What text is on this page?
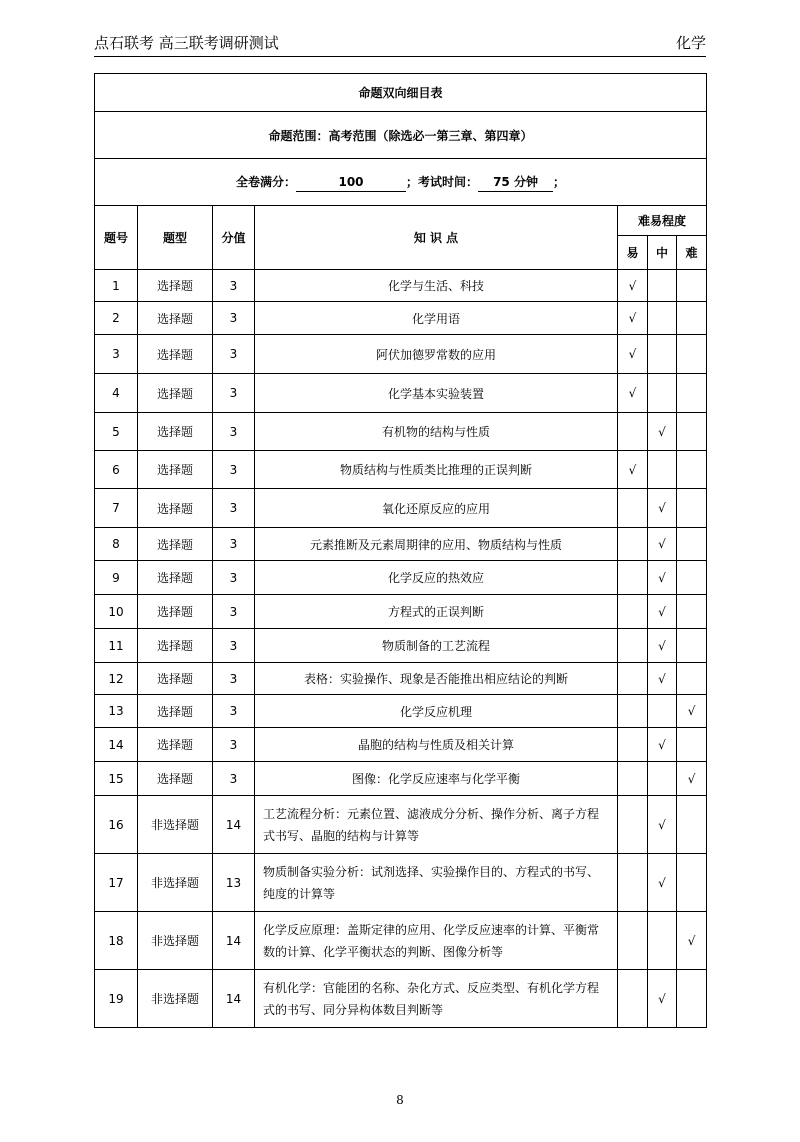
点石联考 高三联考调研测试	化学
命题双向细目表						
命题范围：高考范围（除选必一第三章、第四章）						
全卷满分： 100 ；考试时间： 75 分钟 ；						
题号	题型	分值	知 识 点	难易程度		
				易	中	难
1	选择题	3	化学与生活、科技	√		
2	选择题	3	化学用语	√		
3	选择题	3	阿伏加德罗常数的应用	√		
4	选择题	3	化学基本实验装置	√		
5	选择题	3	有机物的结构与性质		√	
6	选择题	3	物质结构与性质类比推理的正误判断	√		
7	选择题	3	氧化还原反应的应用		√	
8	选择题	3	元素推断及元素周期律的应用、物质结构与性质		√	
9	选择题	3	化学反应的热效应		√	
10	选择题	3	方程式的正误判断		√	
11	选择题	3	物质制备的工艺流程		√	
12	选择题	3	表格：实验操作、现象是否能推出相应结论的判断		√	
13	选择题	3	化学反应机理			√
14	选择题	3	晶胞的结构与性质及相关计算		√	
15	选择题	3	图像：化学反应速率与化学平衡			√
16	非选择题	14	工艺流程分析：元素位置、滤液成分分析、操作分析、离子方程式书写、晶胞的结构与计算等		√	
17	非选择题	13	物质制备实验分析：试剂选择、实验操作目的、方程式的书写、纯度的计算等		√	
18	非选择题	14	化学反应原理：盖斯定律的应用、化学反应速率的计算、平衡常数的计算、化学平衡状态的判断、图像分析等			√
19	非选择题	14	有机化学：官能团的名称、杂化方式、反应类型、有机化学方程式的书写、同分异构体数目判断等		√	
8
